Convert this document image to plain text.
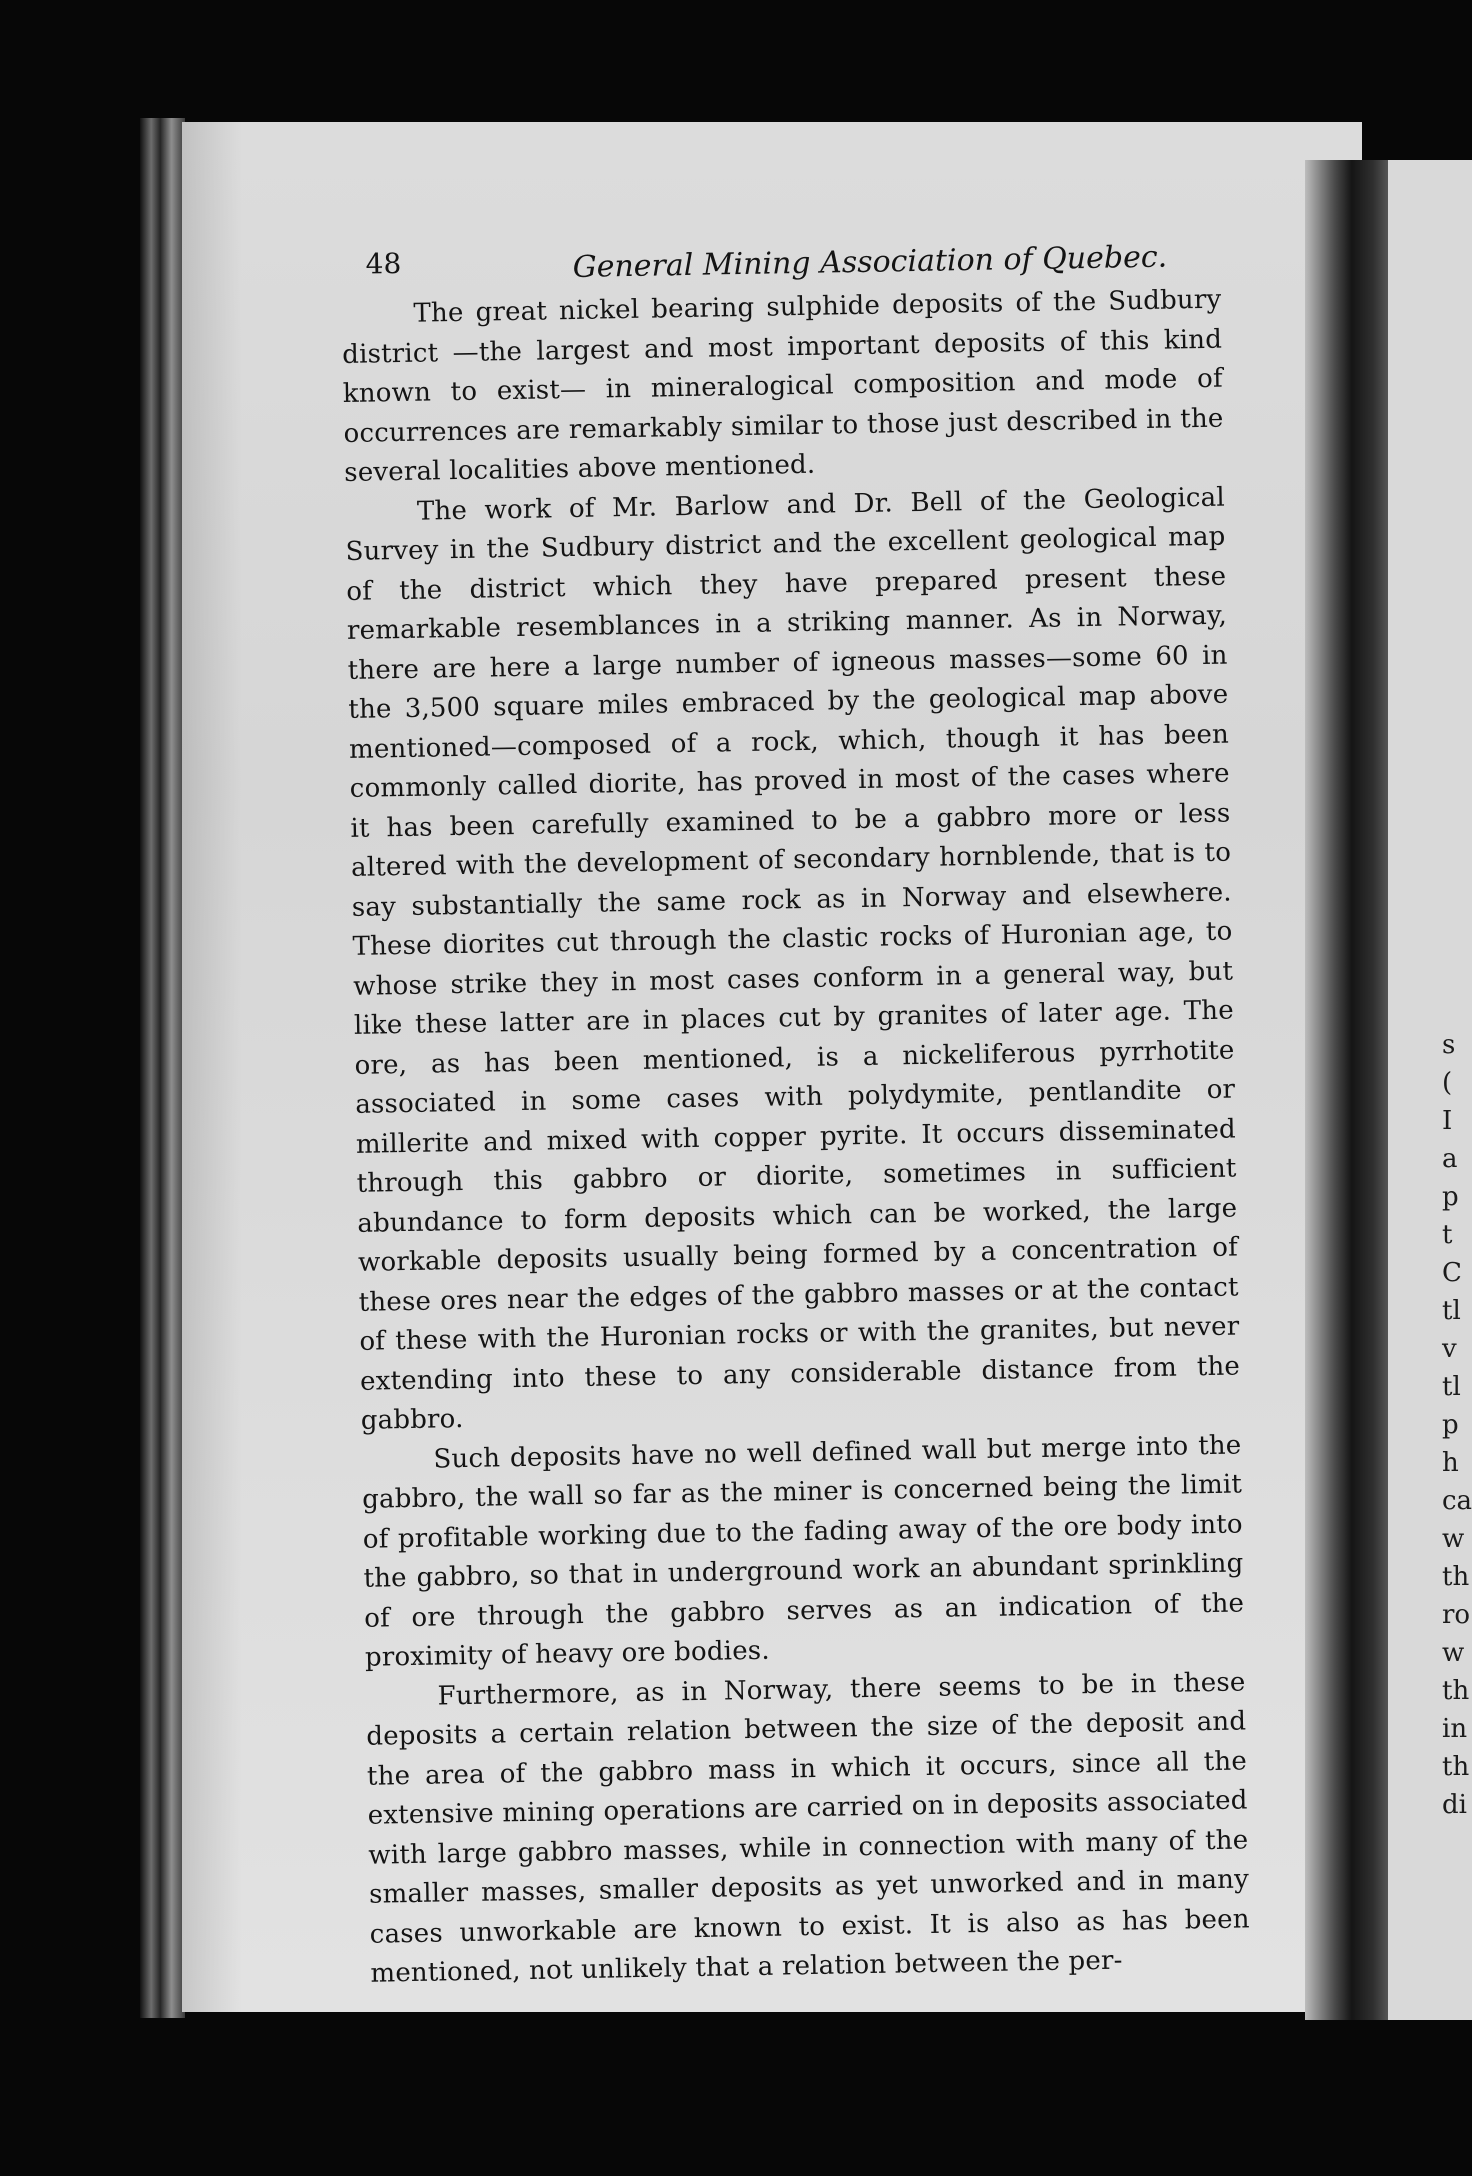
s
(
I
a
p
t
C
tl
v
tl
p
h
ca
w
th
ro
w
th
in
th
di
48	General Mining Association of Quebec.

The great nickel bearing sulphide deposits of the Sudbury district —the largest and most important deposits of this kind known to exist— in mineralogical composition and mode of occurrences are remarkably similar to those just described in the several localities above mentioned.

The work of Mr. Barlow and Dr. Bell of the Geological Survey in the Sudbury district and the excellent geological map of the district which they have prepared present these remarkable resemblances in a striking manner. As in Norway, there are here a large number of igneous masses—some 60 in the 3,500 square miles embraced by the geological map above mentioned—composed of a rock, which, though it has been commonly called diorite, has proved in most of the cases where it has been carefully examined to be a gabbro more or less altered with the development of secondary hornblende, that is to say substantially the same rock as in Norway and elsewhere. These diorites cut through the clastic rocks of Huronian age, to whose strike they in most cases conform in a general way, but like these latter are in places cut by granites of later age. The ore, as has been mentioned, is a nickeliferous pyrrhotite associated in some cases with polydymite, pentlandite or millerite and mixed with copper pyrite. It occurs disseminated through this gabbro or diorite, sometimes in sufficient abundance to form deposits which can be worked, the large workable deposits usually being formed by a concentration of these ores near the edges of the gabbro masses or at the contact of these with the Huronian rocks or with the granites, but never extending into these to any considerable distance from the gabbro.

Such deposits have no well defined wall but merge into the gabbro, the wall so far as the miner is concerned being the limit of profitable working due to the fading away of the ore body into the gabbro, so that in underground work an abundant sprinkling of ore through the gabbro serves as an indication of the proximity of heavy ore bodies.

Furthermore, as in Norway, there seems to be in these deposits a certain relation between the size of the deposit and the area of the gabbro mass in which it occurs, since all the extensive mining operations are carried on in deposits associated with large gabbro masses, while in connection with many of the smaller masses, smaller deposits as yet unworked and in many cases unworkable are known to exist. It is also as has been mentioned, not unlikely that a relation between the per-
